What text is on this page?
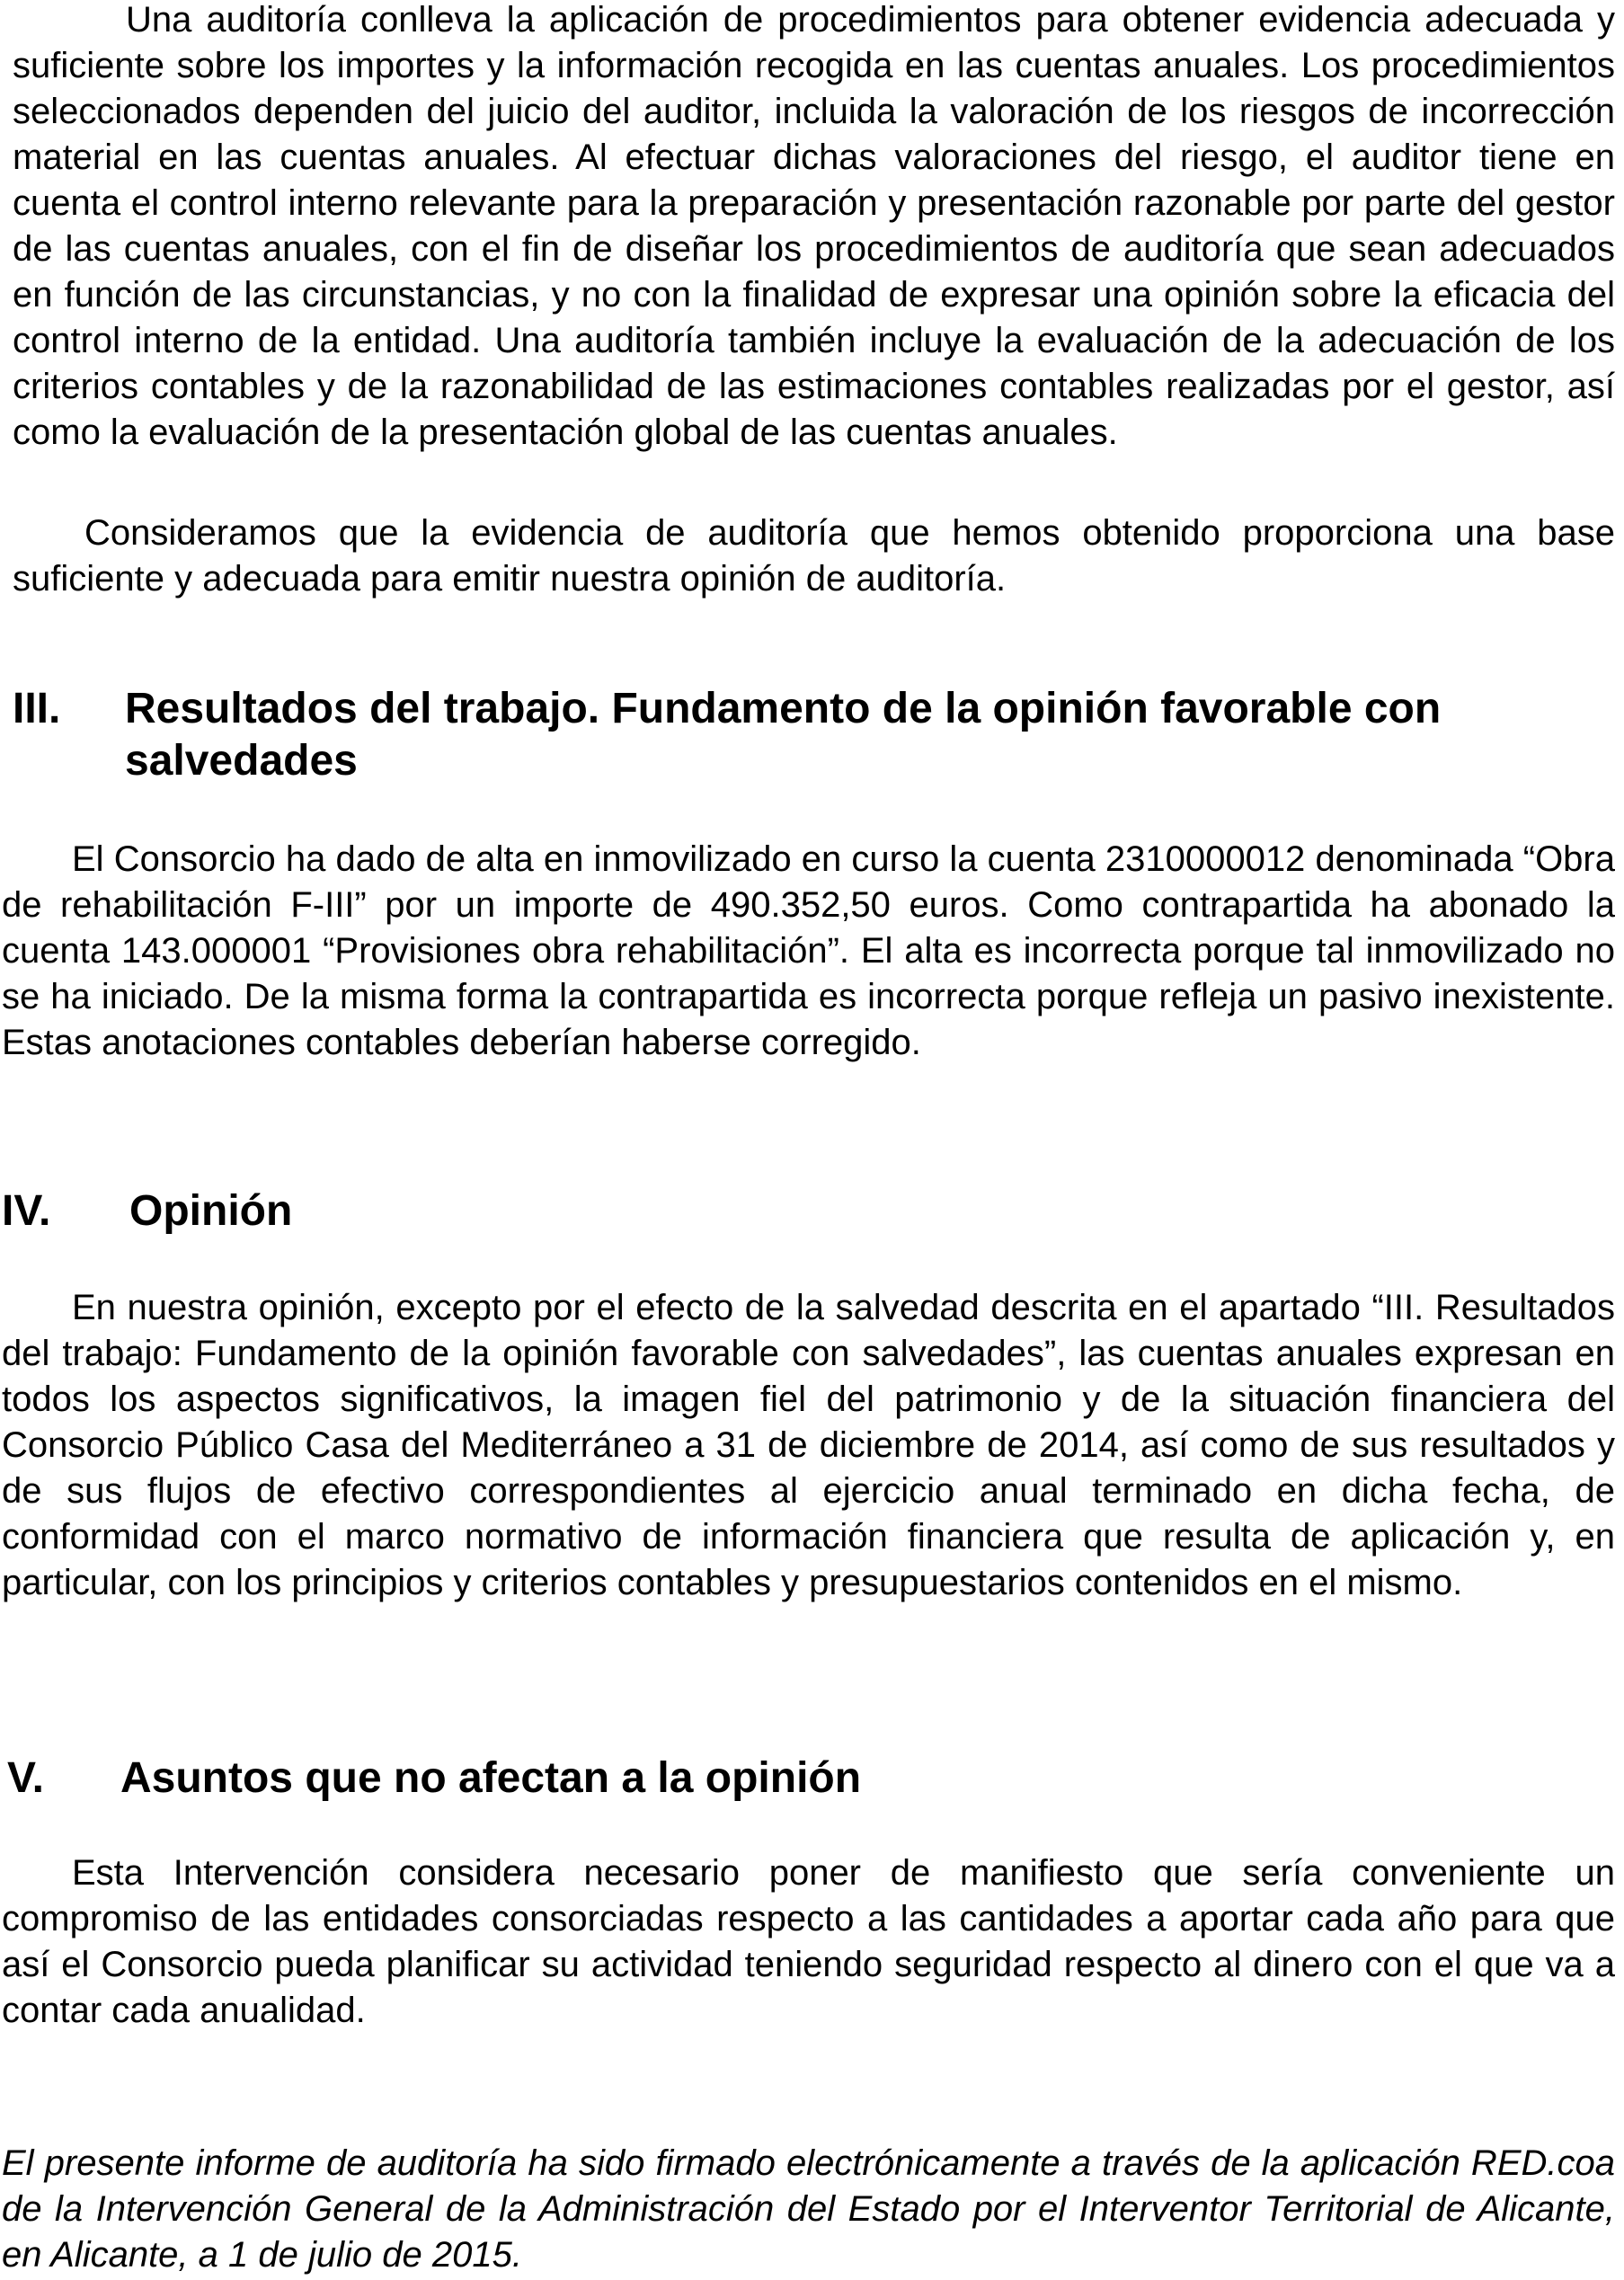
Una auditoría conlleva la aplicación de procedimientos para obtener evidencia adecuada y suficiente sobre los importes y la información recogida en las cuentas anuales. Los procedimientos seleccionados dependen del juicio del auditor, incluida la valoración de los riesgos de incorrección material en las cuentas anuales. Al efectuar dichas valoraciones del riesgo, el auditor tiene en cuenta el control interno relevante para la preparación y presentación razonable por parte del gestor de las cuentas anuales, con el fin de diseñar los procedimientos de auditoría que sean adecuados en función de las circunstancias, y no con la finalidad de expresar una opinión sobre la eficacia del control interno de la entidad. Una auditoría también incluye la evaluación de la adecuación de los criterios contables y de la razonabilidad de las estimaciones contables realizadas por el gestor, así como la evaluación de la presentación global de las cuentas anuales.

Consideramos que la evidencia de auditoría que hemos obtenido proporciona una base suficiente y adecuada para emitir nuestra opinión de auditoría.

III. Resultados del trabajo. Fundamento de la opinión favorable con salvedades

El Consorcio ha dado de alta en inmovilizado en curso la cuenta 2310000012 denominada “Obra de rehabilitación F-III” por un importe de 490.352,50 euros. Como contrapartida ha abonado la cuenta 143.000001 “Provisiones obra rehabilitación”. El alta es incorrecta porque tal inmovilizado no se ha iniciado. De la misma forma la contrapartida es incorrecta porque refleja un pasivo inexistente. Estas anotaciones contables deberían haberse corregido.

IV. Opinión

En nuestra opinión, excepto por el efecto de la salvedad descrita en el apartado “III. Resultados del trabajo: Fundamento de la opinión favorable con salvedades”, las cuentas anuales expresan en todos los aspectos significativos, la imagen fiel del patrimonio y de la situación financiera del Consorcio Público Casa del Mediterráneo a 31 de diciembre de 2014, así como de sus resultados y de sus flujos de efectivo correspondientes al ejercicio anual terminado en dicha fecha, de conformidad con el marco normativo de información financiera que resulta de aplicación y, en particular, con los principios y criterios contables y presupuestarios contenidos en el mismo.

V. Asuntos que no afectan a la opinión

Esta Intervención considera necesario poner de manifiesto que sería conveniente un compromiso de las entidades consorciadas respecto a las cantidades a aportar cada año para que así el Consorcio pueda planificar su actividad teniendo seguridad respecto al dinero con el que va a contar cada anualidad.

El presente informe de auditoría ha sido firmado electrónicamente a través de la aplicación RED.coa de la Intervención General de la Administración del Estado por el Interventor Territorial de Alicante, en Alicante, a 1 de julio de 2015.
